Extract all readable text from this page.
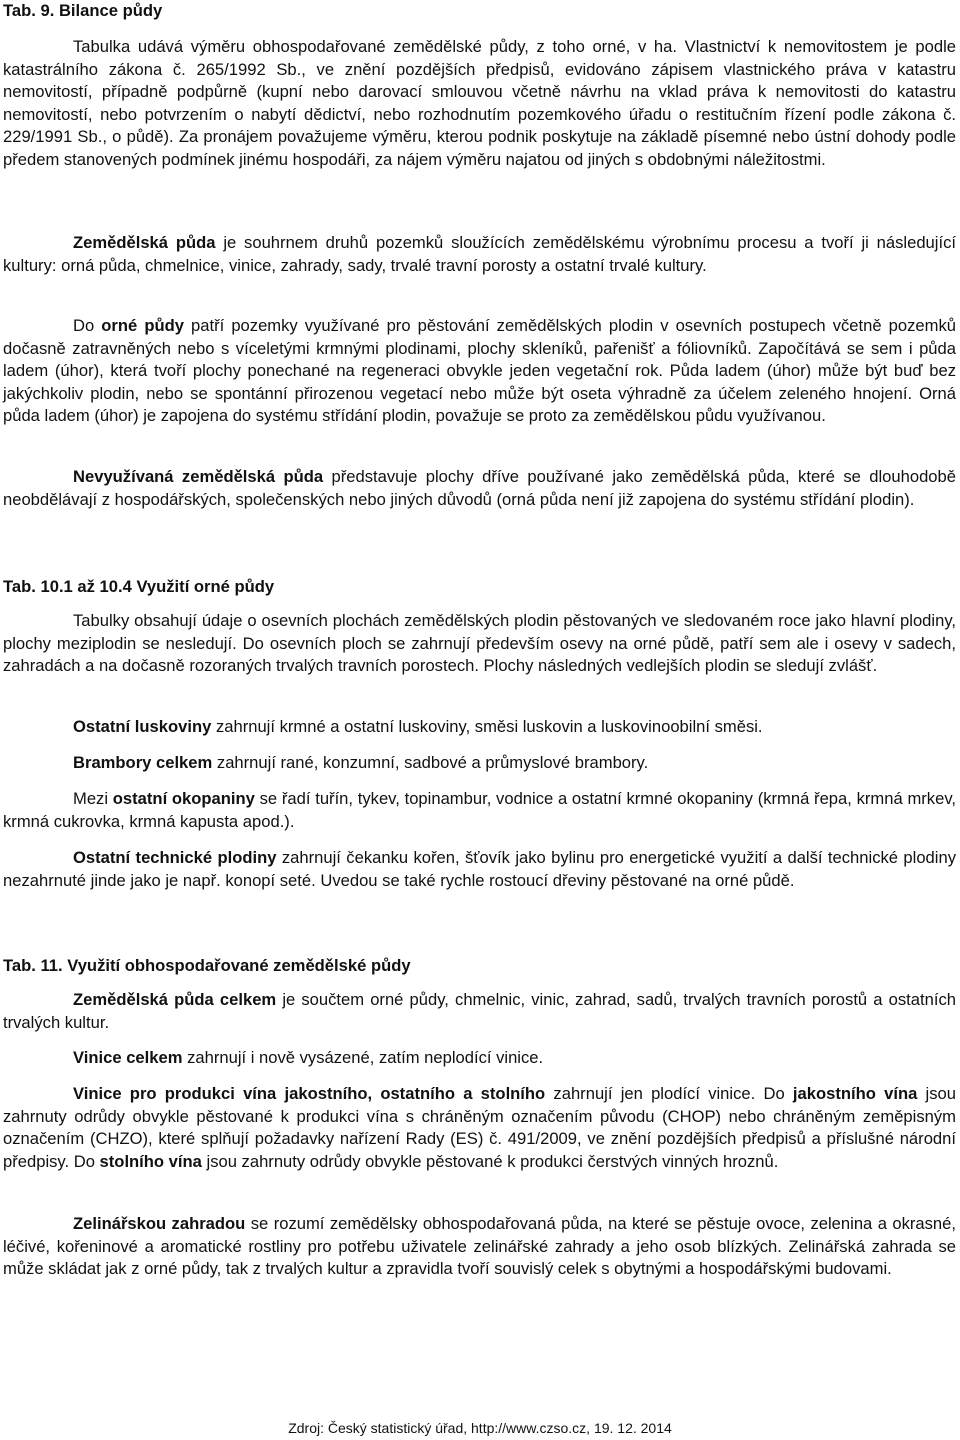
Tab. 9. Bilance půdy

Tabulka udává výměru obhospodařované zemědělské půdy, z toho orné, v ha. Vlastnictví k nemovitostem je podle katastrálního zákona č. 265/1992 Sb., ve znění pozdějších předpisů, evidováno zápisem vlastnického práva v katastru nemovitostí, případně podpůrně (kupní nebo darovací smlouvou včetně návrhu na vklad práva k nemovitosti do katastru nemovitostí, nebo potvrzením o nabytí dědictví, nebo rozhodnutím pozemkového úřadu o restitučním řízení podle zákona č. 229/1991 Sb., o půdě). Za pronájem považujeme výměru, kterou podnik poskytuje na základě písemné nebo ústní dohody podle předem stanovených podmínek jinému hospodáři, za nájem výměru najatou od jiných s obdobnými náležitostmi.

Zemědělská půda je souhrnem druhů pozemků sloužících zemědělskému výrobnímu procesu a tvoří ji následující kultury: orná půda, chmelnice, vinice, zahrady, sady, trvalé travní porosty a ostatní trvalé kultury.

Do orné půdy patří pozemky využívané pro pěstování zemědělských plodin v osevních postupech včetně pozemků dočasně zatravněných nebo s víceletými krmnými plodinami, plochy skleníků, pařenišť a fóliovníků. Započítává se sem i půda ladem (úhor), která tvoří plochy ponechané na regeneraci obvykle jeden vegetační rok. Půda ladem (úhor) může být buď bez jakýchkoliv plodin, nebo se spontánní přirozenou vegetací nebo může být oseta výhradně za účelem zeleného hnojení. Orná půda ladem (úhor) je zapojena do systému střídání plodin, považuje se proto za zemědělskou půdu využívanou.

Nevyužívaná zemědělská půda představuje plochy dříve používané jako zemědělská půda, které se dlouhodobě neobdělávají z hospodářských, společenských nebo jiných důvodů (orná půda není již zapojena do systému střídání plodin).

Tab. 10.1 až 10.4 Využití orné půdy

Tabulky obsahují údaje o osevních plochách zemědělských plodin pěstovaných ve sledovaném roce jako hlavní plodiny, plochy meziplodin se nesledují. Do osevních ploch se zahrnují především osevy na orné půdě, patří sem ale i osevy v sadech, zahradách a na dočasně rozoraných trvalých travních porostech. Plochy následných vedlejších plodin se sledují zvlášť.

Ostatní luskoviny zahrnují krmné a ostatní luskoviny, směsi luskovin a luskovinoobilní směsi.

Brambory celkem zahrnují rané, konzumní, sadbové a průmyslové brambory.

Mezi ostatní okopaniny se řadí tuřín, tykev, topinambur, vodnice a ostatní krmné okopaniny (krmná řepa, krmná mrkev, krmná cukrovka, krmná kapusta apod.).

Ostatní technické plodiny zahrnují čekanku kořen, šťovík jako bylinu pro energetické využití a další technické plodiny nezahrnuté jinde jako je např. konopí seté. Uvedou se také rychle rostoucí dřeviny pěstované na orné půdě.

Tab. 11. Využití obhospodařované zemědělské půdy

Zemědělská půda celkem je součtem orné půdy, chmelnic, vinic, zahrad, sadů, trvalých travních porostů a ostatních trvalých kultur.

Vinice celkem zahrnují i nově vysázené, zatím neplodící vinice.

Vinice pro produkci vína jakostního, ostatního a stolního zahrnují jen plodící vinice. Do jakostního vína jsou zahrnuty odrůdy obvykle pěstované k produkci vína s chráněným označením původu (CHOP) nebo chráněným zeměpisným označením (CHZO), které splňují požadavky nařízení Rady (ES) č. 491/2009, ve znění pozdějších předpisů a příslušné národní předpisy. Do stolního vína jsou zahrnuty odrůdy obvykle pěstované k produkci čerstvých vinných hroznů.

Zelinářskou zahradou se rozumí zemědělsky obhospodařovaná půda, na které se pěstuje ovoce, zelenina a okrasné, léčivé, kořeninové a aromatické rostliny pro potřebu uživatele zelinářské zahrady a jeho osob blízkých. Zelinářská zahrada se může skládat jak z orné půdy, tak z trvalých kultur a zpravidla tvoří souvislý celek s obytnými a hospodářskými budovami.

Zdroj: Český statistický úřad, http://www.czso.cz, 19. 12. 2014
